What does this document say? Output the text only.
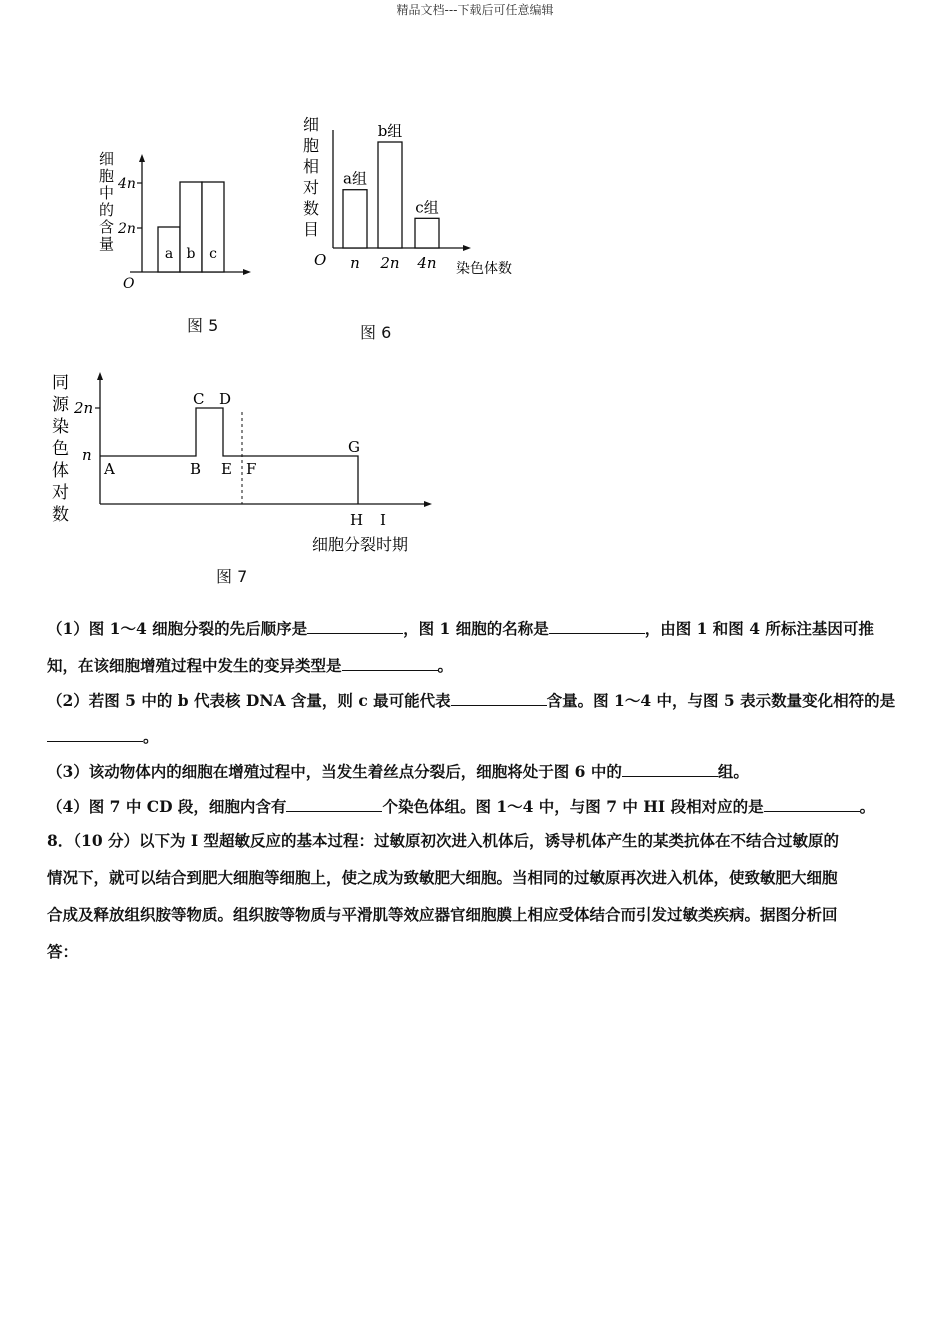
精品文档---下载后可任意编辑
细
胞
中
的
含
量
4n
2n
O
a b c
图 5
细
胞
相
对
数
目
O	染色体数
a组
n
b组
2n
c组
4n
图 6
同
源
染
色
体
对
数
2n
n
A	B
C D
E F
G
H I
细胞分裂时期
图 7
（1）图 1～4 细胞分裂的先后顺序是	，图 1 细胞的名称是	，由图 1 和图 4 所标注基因可推
知，在该细胞增殖过程中发生的变异类型是	。
（2）若图 5 中的 b 代表核 DNA 含量，则 c 最可能代表	含量。图 1～4 中，与图 5 表示数量变化相符的是
。
（3）该动物体内的细胞在增殖过程中，当发生着丝点分裂后，细胞将处于图 6 中的	组。
（4）图 7 中 CD 段，细胞内含有	个染色体组。图 1～4 中，与图 7 中 HI 段相对应的是	。
8．（10 分）以下为 I 型超敏反应的基本过程：过敏原初次进入机体后，诱导机体产生的某类抗体在不结合过敏原的
情况下，就可以结合到肥大细胞等细胞上，使之成为致敏肥大细胞。当相同的过敏原再次进入机体，使致敏肥大细胞
合成及释放组织胺等物质。组织胺等物质与平滑肌等效应器官细胞膜上相应受体结合而引发过敏类疾病。据图分析回
答：
